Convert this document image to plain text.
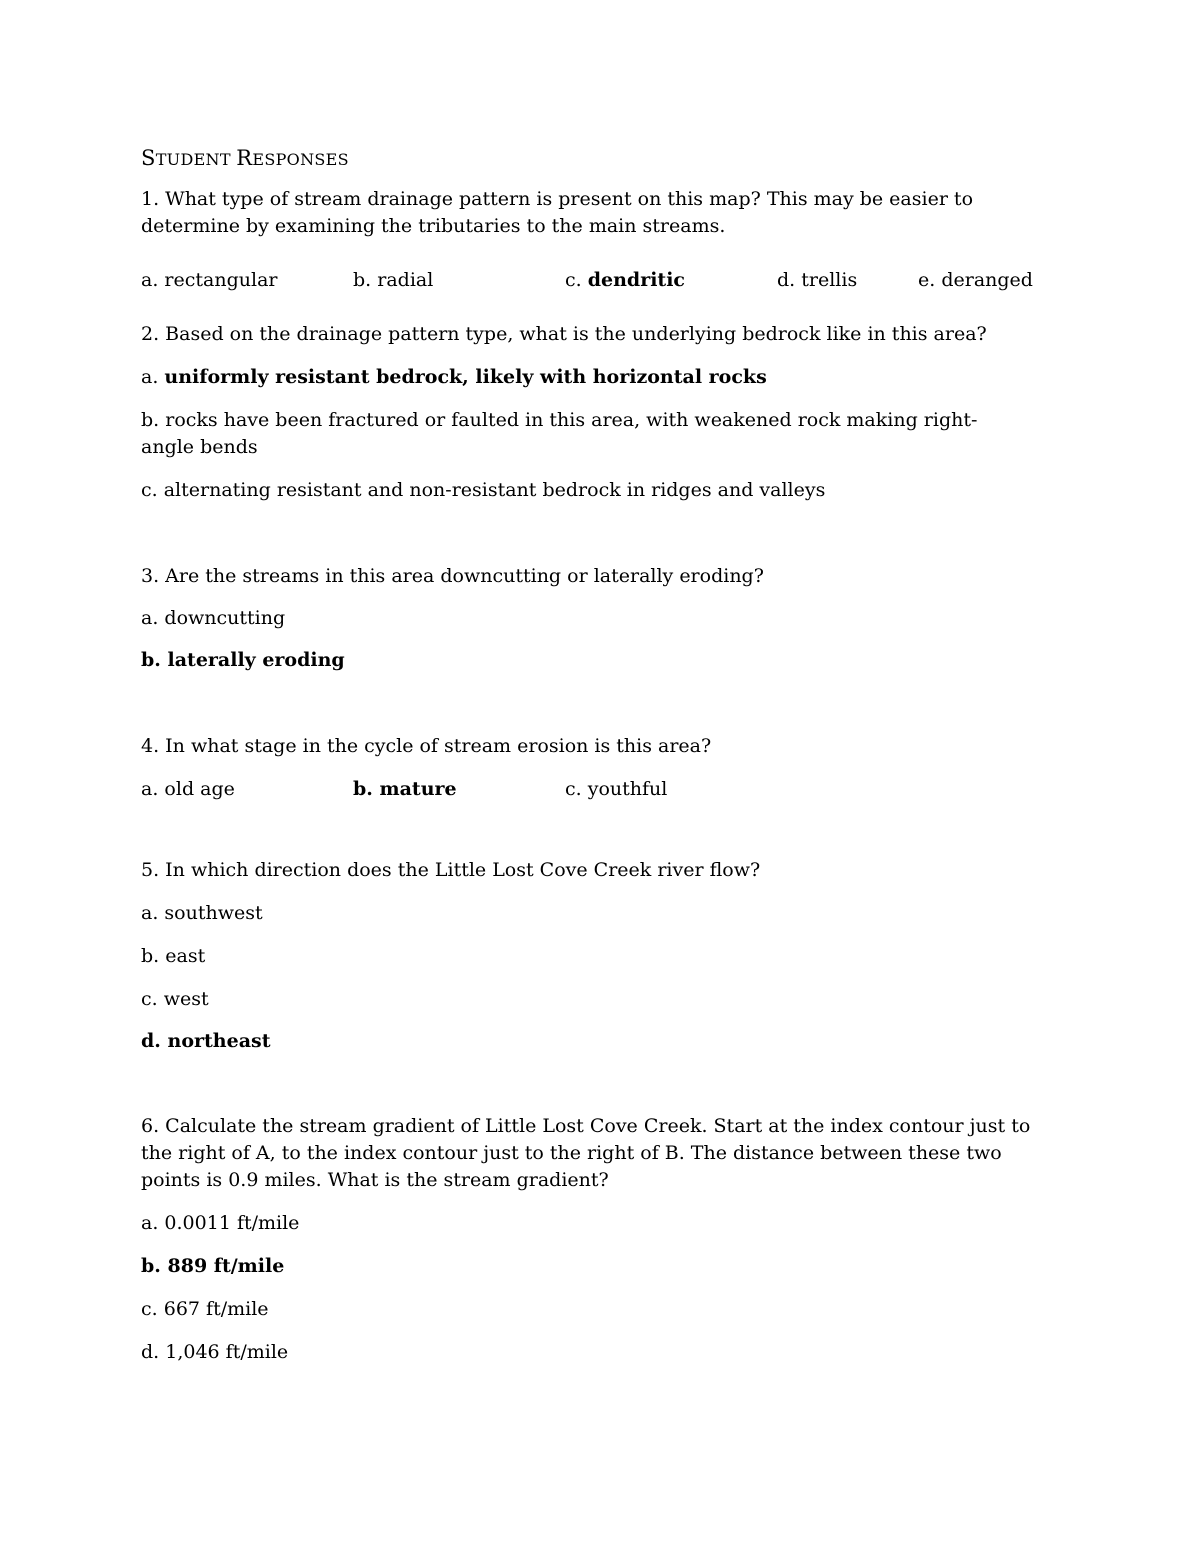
STUDENT RESPONSES
1. What type of stream drainage pattern is present on this map? This may be easier to determine by examining the tributaries to the main streams.
a. rectangular	b. radial	c. dendritic	d. trellis	e. deranged
2. Based on the drainage pattern type, what is the underlying bedrock like in this area?
a. uniformly resistant bedrock, likely with horizontal rocks
b. rocks have been fractured or faulted in this area, with weakened rock making right-angle bends
c. alternating resistant and non-resistant bedrock in ridges and valleys
3. Are the streams in this area downcutting or laterally eroding?
a. downcutting
b. laterally eroding
4. In what stage in the cycle of stream erosion is this area?
a. old age	b. mature	c. youthful
5. In which direction does the Little Lost Cove Creek river flow?
a. southwest
b. east
c. west
d. northeast
6. Calculate the stream gradient of Little Lost Cove Creek. Start at the index contour just to the right of A, to the index contour just to the right of B. The distance between these two points is 0.9 miles. What is the stream gradient?
a. 0.0011 ft/mile
b. 889 ft/mile
c. 667 ft/mile
d. 1,046 ft/mile
